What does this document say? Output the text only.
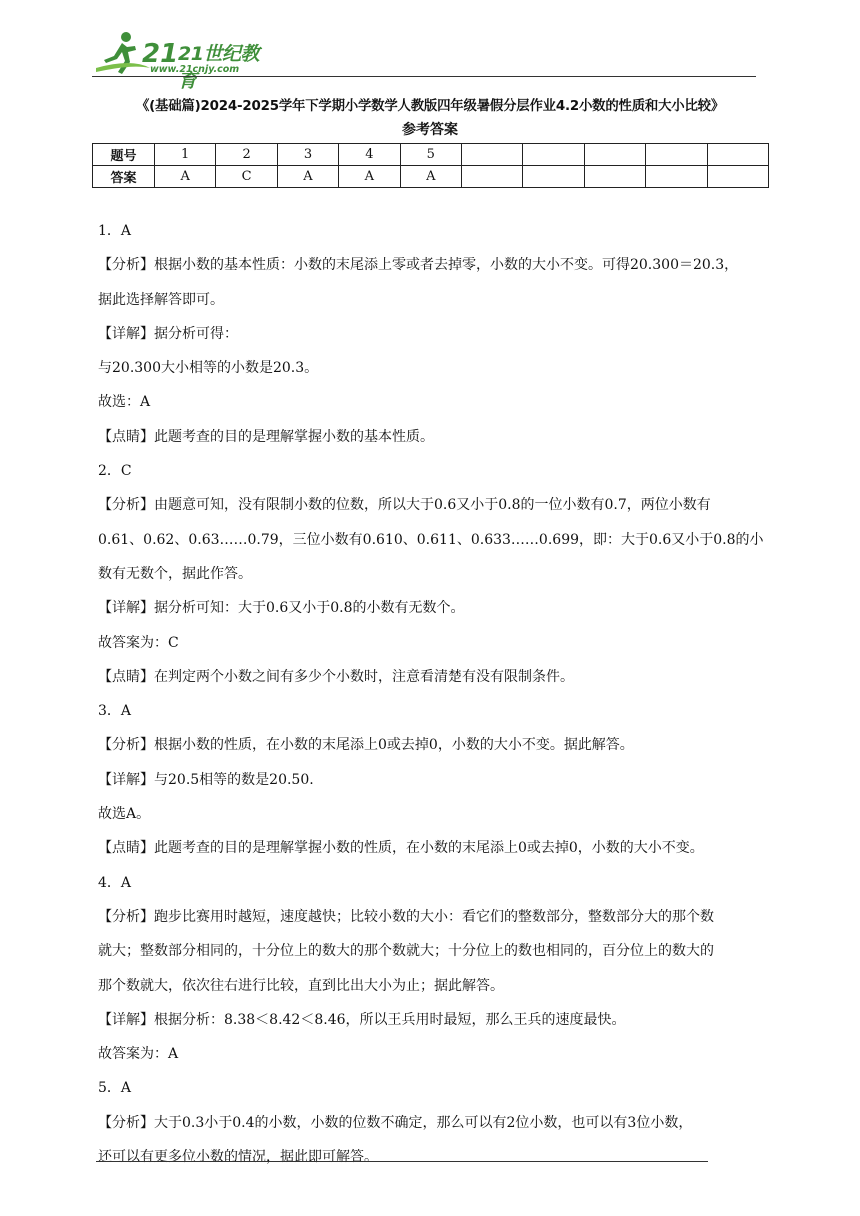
21 21世纪教育
www.21cnjy.com
《(基础篇)2024-2025学年下学期小学数学人教版四年级暑假分层作业4.2小数的性质和大小比较》
参考答案
题号	1	2	3	4	5					
答案	A	C	A	A	A					

1．A

【分析】根据小数的基本性质：小数的末尾添上零或者去掉零，小数的大小不变。可得20.300＝20.3，

据此选择解答即可。

【详解】据分析可得：

与20.300大小相等的小数是20.3。

故选：A

【点睛】此题考查的目的是理解掌握小数的基本性质。

2．C

【分析】由题意可知，没有限制小数的位数，所以大于0.6又小于0.8的一位小数有0.7，两位小数有

0.61、0.62、0.63……0.79，三位小数有0.610、0.611、0.633……0.699，即：大于0.6又小于0.8的小

数有无数个，据此作答。

【详解】据分析可知：大于0.6又小于0.8的小数有无数个。

故答案为：C

【点睛】在判定两个小数之间有多少个小数时，注意看清楚有没有限制条件。

3．A

【分析】根据小数的性质，在小数的末尾添上0或去掉0，小数的大小不变。据此解答。

【详解】与20.5相等的数是20.50.

故选A。

【点睛】此题考查的目的是理解掌握小数的性质，在小数的末尾添上0或去掉0，小数的大小不变。

4．A

【分析】跑步比赛用时越短，速度越快；比较小数的大小：看它们的整数部分，整数部分大的那个数

就大；整数部分相同的，十分位上的数大的那个数就大；十分位上的数也相同的，百分位上的数大的

那个数就大，依次往右进行比较，直到比出大小为止；据此解答。

【详解】根据分析：8.38＜8.42＜8.46，所以王兵用时最短，那么王兵的速度最快。

故答案为：A

5．A

【分析】大于0.3小于0.4的小数，小数的位数不确定，那么可以有2位小数，也可以有3位小数，

还可以有更多位小数的情况，据此即可解答。
